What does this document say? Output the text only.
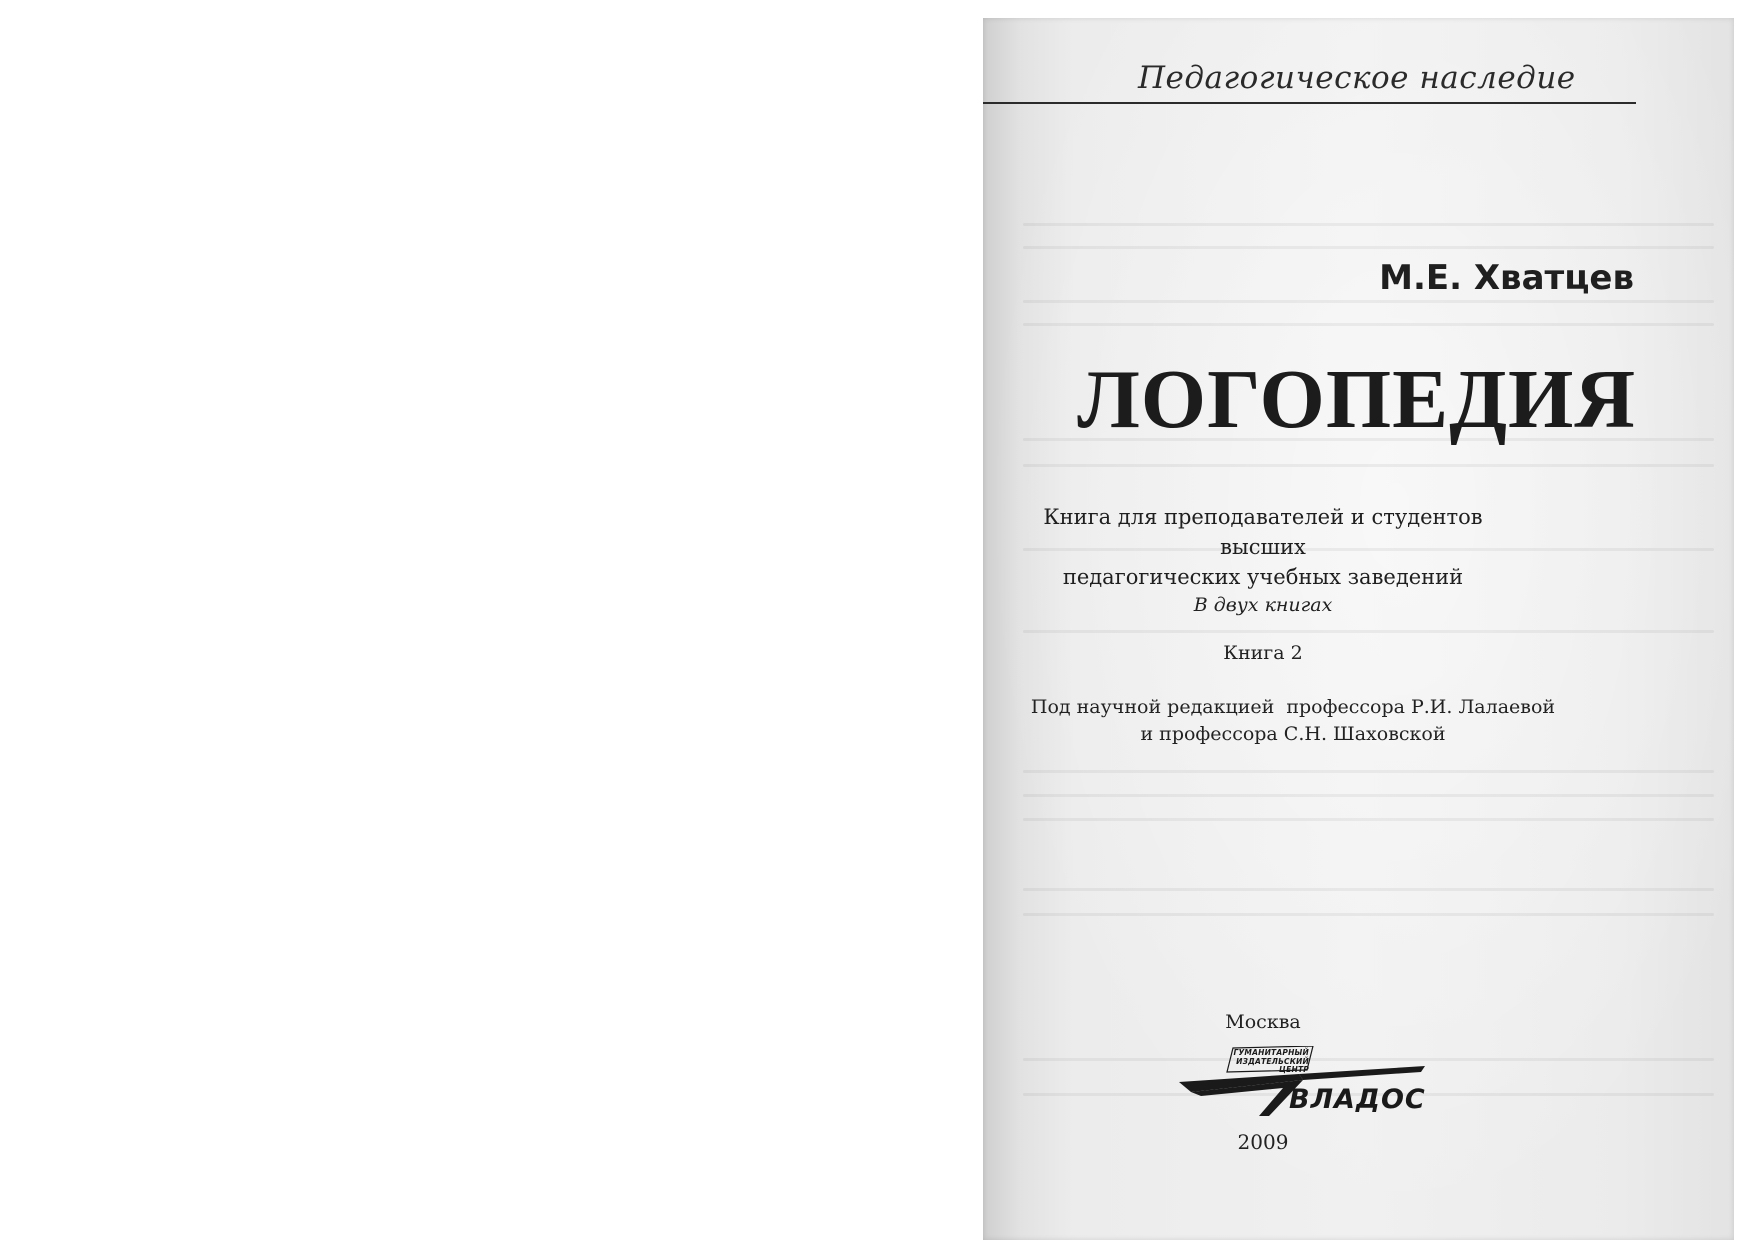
Педагогическое наследие
М.Е. Хватцев
ЛОГОПЕДИЯ
Книга для преподавателей и студентов высших
педагогических учебных заведений
В двух книгах
Книга 2
Под научной редакцией  профессора Р.И. Лалаевой
и профессора С.Н. Шаховской
Москва
ГУМАНИТАРНЫЙ
ИЗДАТЕЛЬСКИЙ
ЦЕНТР
ВЛАДОС
2009
